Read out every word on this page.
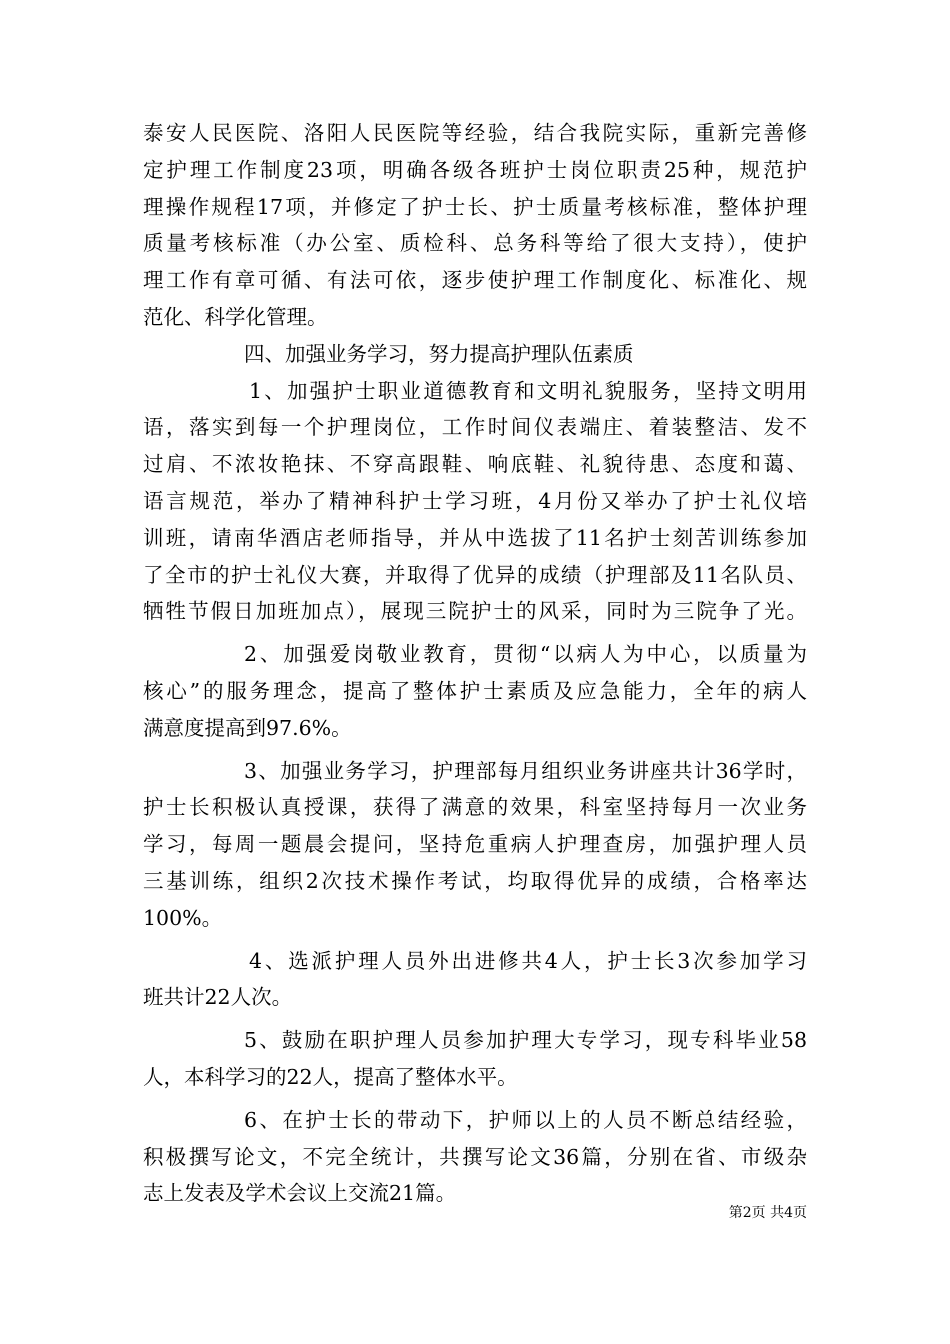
泰安人民医院、洛阳人民医院等经验，结合我院实际，重新完善修
定护理工作制度23项，明确各级各班护士岗位职责25种，规范护
理操作规程17项，并修定了护士长、护士质量考核标准，整体护理
质量考核标准（办公室、质检科、总务科等给了很大支持），使护
理工作有章可循、有法可依，逐步使护理工作制度化、标准化、规
范化、科学化管理。
四、加强业务学习，努力提高护理队伍素质
1、加强护士职业道德教育和文明礼貌服务，坚持文明用
语，落实到每一个护理岗位，工作时间仪表端庄、着装整洁、发不
过肩、不浓妆艳抹、不穿高跟鞋、响底鞋、礼貌待患、态度和蔼、
语言规范，举办了精神科护士学习班，4月份又举办了护士礼仪培
训班，请南华酒店老师指导，并从中选拔了11名护士刻苦训练参加
了全市的护士礼仪大赛，并取得了优异的成绩（护理部及11名队员、
牺牲节假日加班加点），展现三院护士的风采，同时为三院争了光。
2、加强爱岗敬业教育，贯彻“以病人为中心，以质量为
核心”的服务理念，提高了整体护士素质及应急能力，全年的病人
满意度提高到97.6%。
3、加强业务学习，护理部每月组织业务讲座共计36学时，
护士长积极认真授课，获得了满意的效果，科室坚持每月一次业务
学习，每周一题晨会提问，坚持危重病人护理查房，加强护理人员
三基训练，组织2次技术操作考试，均取得优异的成绩，合格率达
100%。
4、选派护理人员外出进修共4人，护士长3次参加学习
班共计22人次。
5、鼓励在职护理人员参加护理大专学习，现专科毕业58
人，本科学习的22人，提高了整体水平。
6、在护士长的带动下，护师以上的人员不断总结经验，
积极撰写论文，不完全统计，共撰写论文36篇，分别在省、市级杂
志上发表及学术会议上交流21篇。
第2页 共4页
